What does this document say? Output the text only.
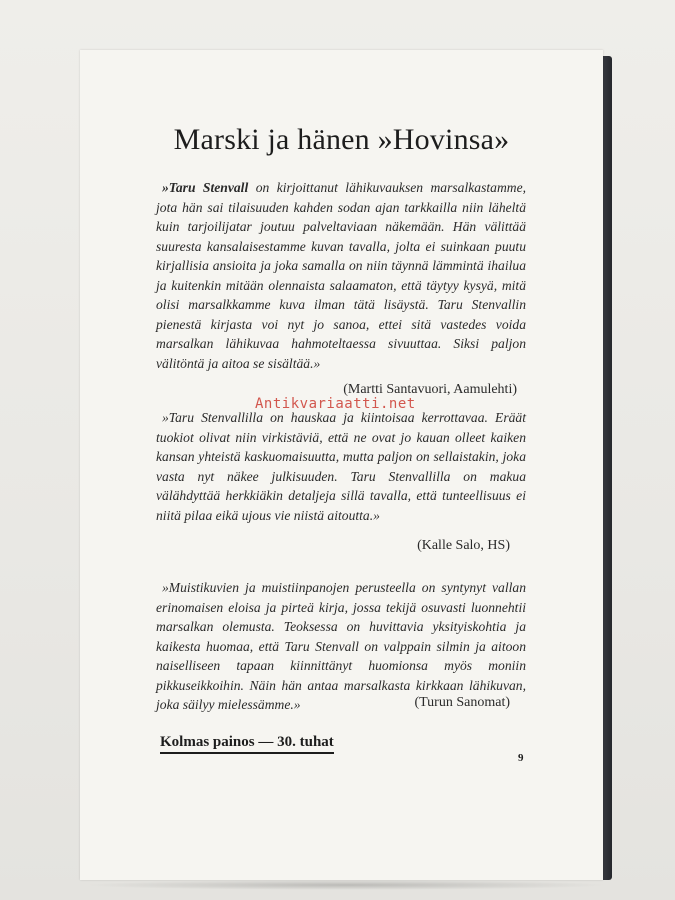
Marski ja hänen »Hovinsa»
»Taru Stenvall on kirjoittanut lähikuvauksen marsalkastamme, jota hän sai tilaisuuden kahden sodan ajan tarkkailla niin läheltä kuin tarjoilijatar joutuu palveltaviaan näkemään. Hän välittää suuresta kansalaisestamme kuvan tavalla, jolta ei suinkaan puutu kirjallisia ansioita ja joka samalla on niin täynnä lämmintä ihailua ja kuitenkin mitään olennaista salaamaton, että täytyy kysyä, mitä olisi marsalkkamme kuva ilman tätä lisäystä. Taru Stenvallin pienestä kirjasta voi nyt jo sanoa, ettei sitä vastedes voida marsalkan lähikuvaa hahmoteltaessa sivuuttaa. Siksi paljon välitöntä ja aitoa se sisältää.»
(Martti Santavuori, Aamulehti)
Antikvariaatti.net
»Taru Stenvallilla on hauskaa ja kiintoisaa kerrottavaa. Eräät tuokiot olivat niin virkistäviä, että ne ovat jo kauan olleet kaiken kansan yhteistä kaskuomaisuutta, mutta paljon on sellaistakin, joka vasta nyt näkee julkisuuden. Taru Stenvallilla on makua välähdyttää herkkiäkin detaljeja sillä tavalla, että tunteellisuus ei niitä pilaa eikä ujous vie niistä aitoutta.»
(Kalle Salo, HS)
»Muistikuvien ja muistiinpanojen perusteella on syntynyt vallan erinomaisen eloisa ja pirteä kirja, jossa tekijä osuvasti luonnehtii marsalkan olemusta. Teoksessa on huvittavia yksityiskohtia ja kaikesta huomaa, että Taru Stenvall on valppain silmin ja aitoon naiselliseen tapaan kiinnittänyt huomionsa myös moniin pikkuseikkoihin. Näin hän antaa marsalkasta kirkkaan lähikuvan, joka säilyy mielessämme.»	(Turun Sanomat)
Kolmas painos — 30. tuhat
9
